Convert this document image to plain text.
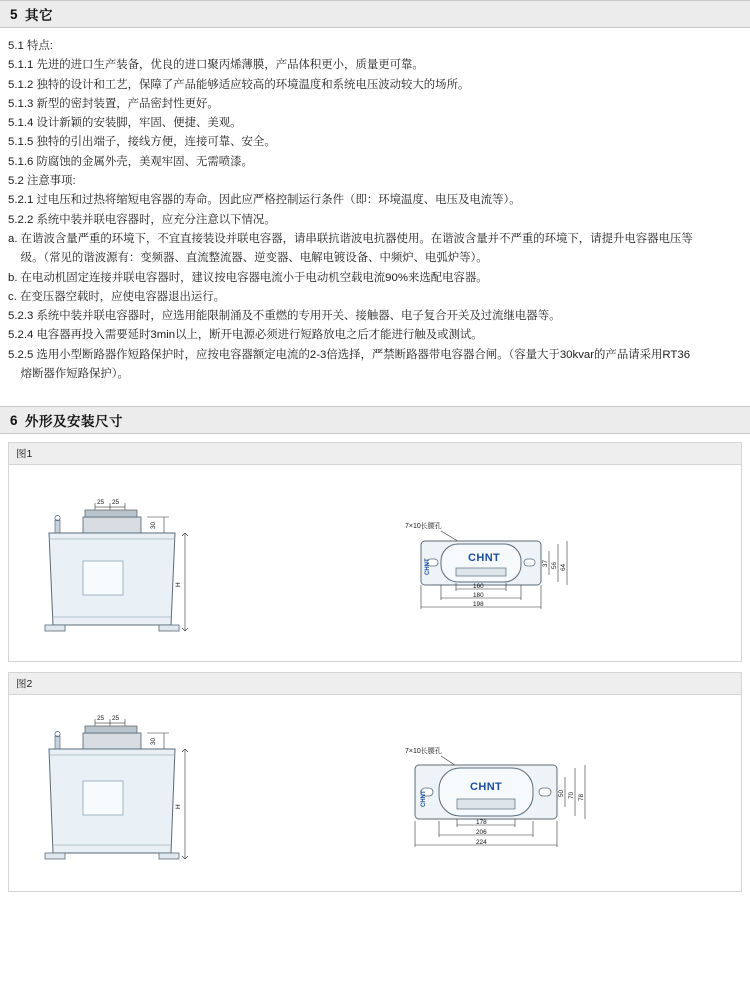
5 其它
5.1 特点:
5.1.1 先进的进口生产装备，优良的进口聚丙烯薄膜，产品体积更小，质量更可靠。
5.1.2 独特的设计和工艺，保障了产品能够适应较高的环境温度和系统电压波动较大的场所。
5.1.3 新型的密封装置，产品密封性更好。
5.1.4 设计新颖的安装脚，牢固、便捷、美观。
5.1.5 独特的引出端子，接线方便，连接可靠、安全。
5.1.6 防腐蚀的金属外壳，美观牢固、无需喷漆。
5.2 注意事项:
5.2.1 过电压和过热将缩短电容器的寿命。因此应严格控制运行条件（即：环境温度、电压及电流等）。
5.2.2 系统中装并联电容器时，应充分注意以下情况。
a. 在谐波含量严重的环境下，不宜直接装设并联电容器，请串联抗谐波电抗器使用。在谐波含量并不严重的环境下，请提升电容器电压等
级。（常见的谐波源有：变频器、直流整流器、逆变器、电解电镀设备、中频炉、电弧炉等）。
b. 在电动机固定连接并联电容器时，建议按电容器电流小于电动机空载电流90%来选配电容器。
c. 在变压器空载时，应使电容器退出运行。
5.2.3 系统中装并联电容器时，应选用能限制涌及不重燃的专用开关、接触器、电子复合开关及过流继电器等。
5.2.4 电容器再投入需要延时3min以上，断开电源必须进行短路放电之后才能进行触及或测试。
5.2.5 选用小型断路器作短路保护时，应按电容器额定电流的2-3倍选择，严禁断路器带电容器合闸。（容量大于30kvar的产品请采用RT36
熔断器作短路保护）。
6 外形及安装尺寸
图1
25 25
30
H
7×10长腰孔
CHNT
CHNT
160
180
198
37 56 64
图2
25 25
30
H
7×10长腰孔
CHNT
CHNT
178
206
224
50 70 78
